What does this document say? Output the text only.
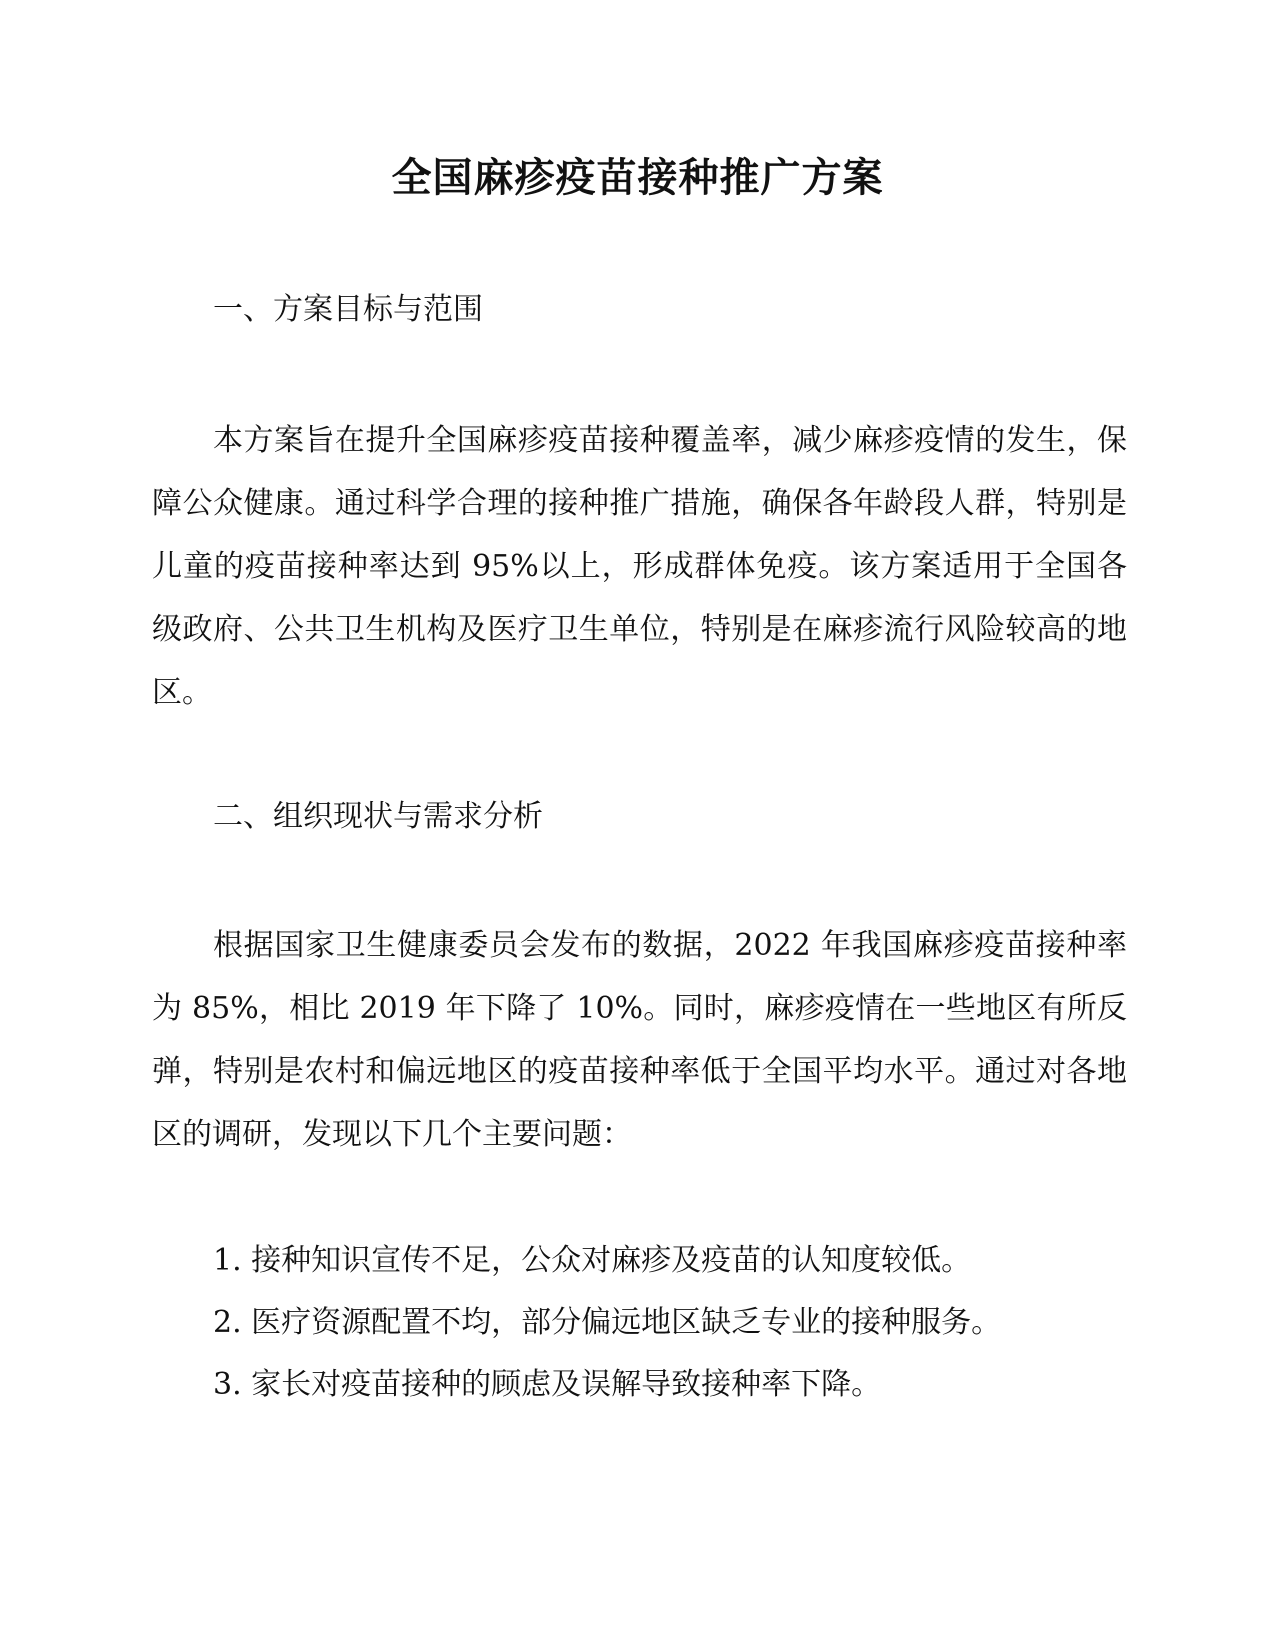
全国麻疹疫苗接种推广方案
一、方案目标与范围

本方案旨在提升全国麻疹疫苗接种覆盖率，减少麻疹疫情的发生，保障公众健康。通过科学合理的接种推广措施，确保各年龄段人群，特别是儿童的疫苗接种率达到 95%以上，形成群体免疫。该方案适用于全国各级政府、公共卫生机构及医疗卫生单位，特别是在麻疹流行风险较高的地区。

二、组织现状与需求分析

根据国家卫生健康委员会发布的数据，2022 年我国麻疹疫苗接种率为 85%，相比 2019 年下降了 10%。同时，麻疹疫情在一些地区有所反弹，特别是农村和偏远地区的疫苗接种率低于全国平均水平。通过对各地区的调研，发现以下几个主要问题：

1. 接种知识宣传不足，公众对麻疹及疫苗的认知度较低。
2. 医疗资源配置不均，部分偏远地区缺乏专业的接种服务。
3. 家长对疫苗接种的顾虑及误解导致接种率下降。
